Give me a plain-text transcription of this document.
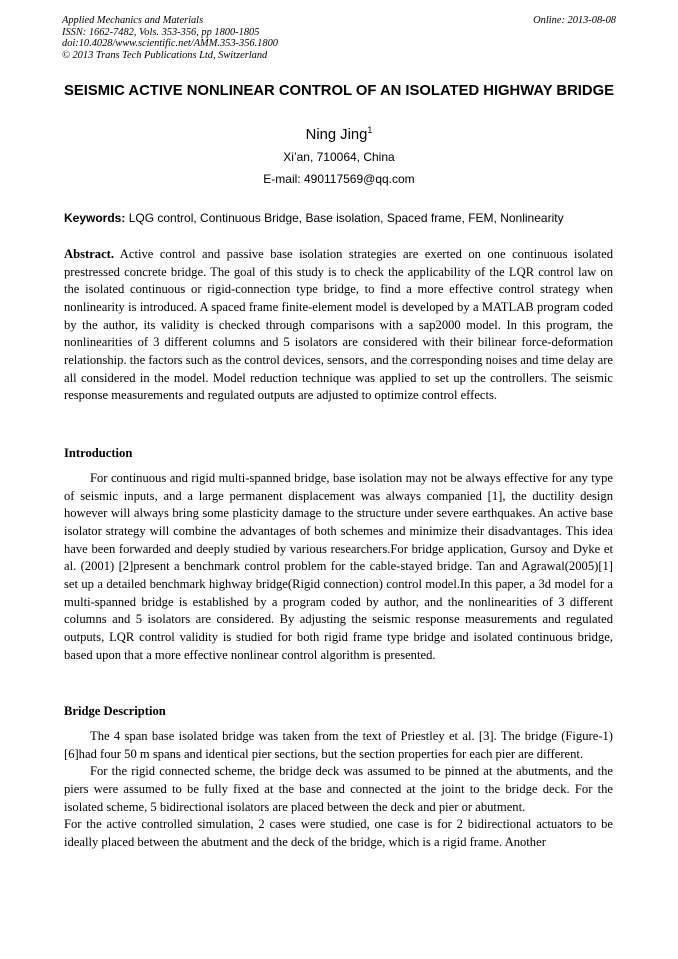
Applied Mechanics and Materials
ISSN: 1662-7482, Vols. 353-356, pp 1800-1805
doi:10.4028/www.scientific.net/AMM.353-356.1800
© 2013 Trans Tech Publications Ltd, Switzerland
Online: 2013-08-08
SEISMIC ACTIVE NONLINEAR CONTROL OF AN ISOLATED HIGHWAY BRIDGE
Ning Jing$^1$
Xi’an, 710064, China
E-mail: 490117569@qq.com
Keywords: LQG control, Continuous Bridge, Base isolation, Spaced frame, FEM, Nonlinearity

Abstract. Active control and passive base isolation strategies are exerted on one continuous isolated prestressed concrete bridge. The goal of this study is to check the applicability of the LQR control law on the isolated continuous or rigid-connection type bridge, to find a more effective control strategy when nonlinearity is introduced. A spaced frame finite-element model is developed by a MATLAB program coded by the author, its validity is checked through comparisons with a sap2000 model. In this program, the nonlinearities of 3 different columns and 5 isolators are considered with their bilinear force-deformation relationship. the factors such as the control devices, sensors, and the corresponding noises and time delay are all considered in the model. Model reduction technique was applied to set up the controllers. The seismic response measurements and regulated outputs are adjusted to optimize control effects.

Introduction

For continuous and rigid multi-spanned bridge, base isolation may not be always effective for any type of seismic inputs, and a large permanent displacement was always companied [1], the ductility design however will always bring some plasticity damage to the structure under severe earthquakes. An active base isolator strategy will combine the advantages of both schemes and minimize their disadvantages. This idea have been forwarded and deeply studied by various researchers.For bridge application, Gursoy and Dyke et al. (2001) [2]present a benchmark control problem for the cable-stayed bridge. Tan and Agrawal(2005)[1] set up a detailed benchmark highway bridge(Rigid connection) control model.In this paper, a 3d model for a multi-spanned bridge is established by a program coded by author, and the nonlinearities of 3 different columns and 5 isolators are considered. By adjusting the seismic response measurements and regulated outputs, LQR control validity is studied for both rigid frame type bridge and isolated continuous bridge, based upon that a more effective nonlinear control algorithm is presented.

Bridge Description

The 4 span base isolated bridge was taken from the text of Priestley et al. [3]. The bridge (Figure-1) [6]had four 50 m spans and identical pier sections, but the section properties for each pier are different.

For the rigid connected scheme, the bridge deck was assumed to be pinned at the abutments, and the piers were assumed to be fully fixed at the base and connected at the joint to the bridge deck. For the isolated scheme, 5 bidirectional isolators are placed between the deck and pier or abutment.

For the active controlled simulation, 2 cases were studied, one case is for 2 bidirectional actuators to be ideally placed between the abutment and the deck of the bridge, which is a rigid frame. Another
